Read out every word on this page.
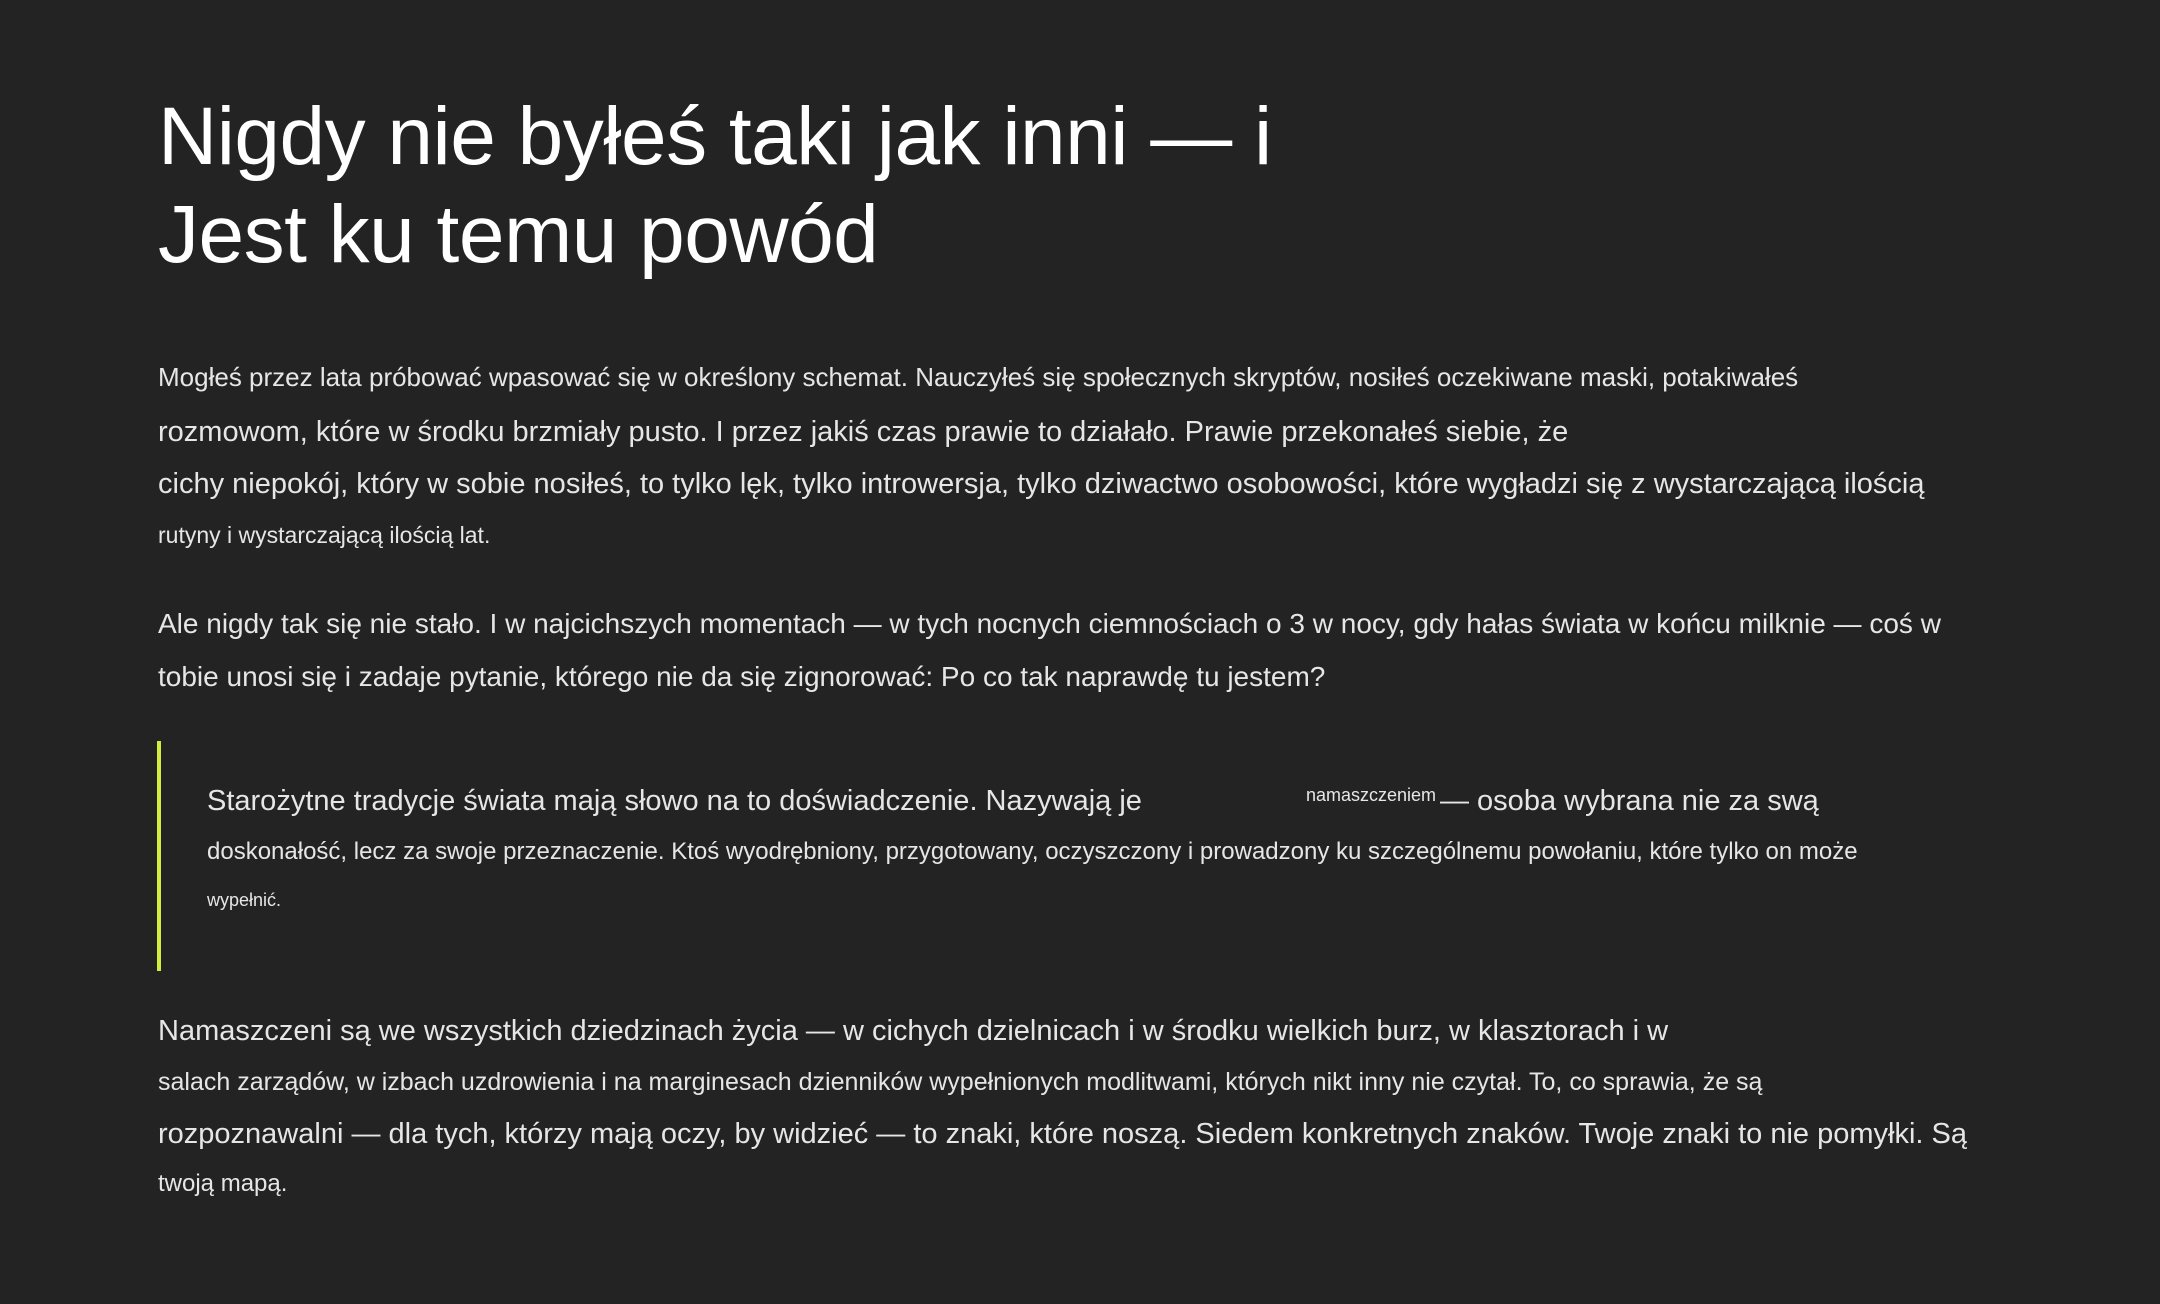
Nigdy nie byłeś taki jak inni — i
Jest ku temu powód
Mogłeś przez lata próbować wpasować się w określony schemat. Nauczyłeś się społecznych skryptów, nosiłeś oczekiwane maski, potakiwałeś
rozmowom, które w środku brzmiały pusto. I przez jakiś czas prawie to działało. Prawie przekonałeś siebie, że
cichy niepokój, który w sobie nosiłeś, to tylko lęk, tylko introwersja, tylko dziwactwo osobowości, które wygładzi się z wystarczającą ilością
rutyny i wystarczającą ilością lat.
Ale nigdy tak się nie stało. I w najcichszych momentach — w tych nocnych ciemnościach o 3 w nocy, gdy hałas świata w końcu milknie — coś w
tobie unosi się i zadaje pytanie, którego nie da się zignorować: Po co tak naprawdę tu jestem?
Starożytne tradycje świata mają słowo na to doświadczenie. Nazywają je	namaszczeniem — osoba wybrana nie za swą
doskonałość, lecz za swoje przeznaczenie. Ktoś wyodrębniony, przygotowany, oczyszczony i prowadzony ku szczególnemu powołaniu, które tylko on może
wypełnić.
Namaszczeni są we wszystkich dziedzinach życia — w cichych dzielnicach i w środku wielkich burz, w klasztorach i w
salach zarządów, w izbach uzdrowienia i na marginesach dzienników wypełnionych modlitwami, których nikt inny nie czytał. To, co sprawia, że są
rozpoznawalni — dla tych, którzy mają oczy, by widzieć — to znaki, które noszą. Siedem konkretnych znaków. Twoje znaki to nie pomyłki. Są
twoją mapą.
